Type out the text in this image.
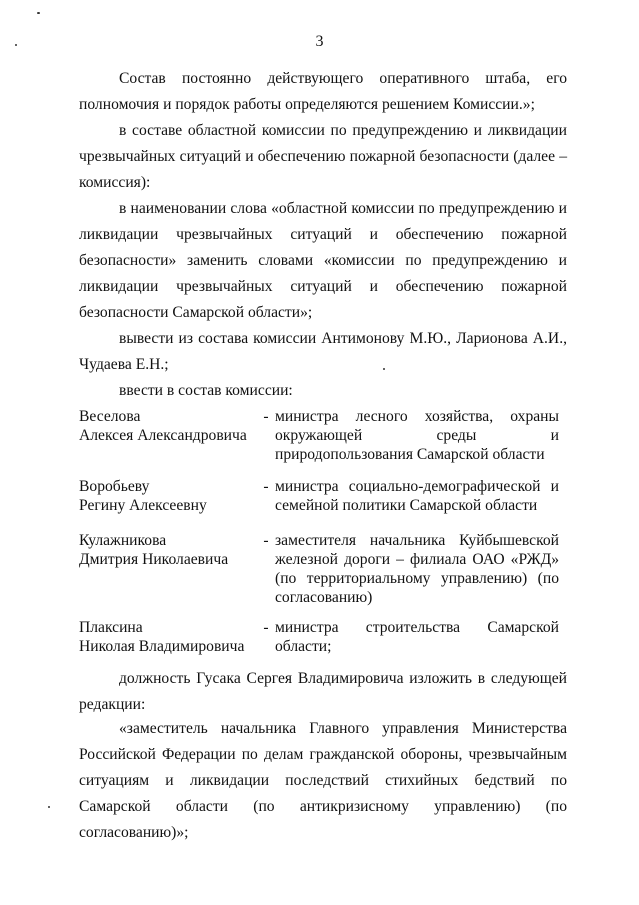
3

Состав постоянно действующего оперативного штаба, его полномочия и порядок работы определяются решением Комиссии.»;

в составе областной комиссии по предупреждению и ликвидации чрезвычайных ситуаций и обеспечению пожарной безопасности (далее – комиссия):

в наименовании слова «областной комиссии по предупреждению и ликвидации чрезвычайных ситуаций и обеспечению пожарной безопасности» заменить словами «комиссии по предупреждению и ликвидации чрезвычайных ситуаций и обеспечению пожарной безопасности Самарской области»;

вывести из состава комиссии Антимонову М.Ю., Ларионова А.И., Чудаева Е.Н.;

ввести в состав комиссии:

Веселова
Алексея Александровича
- министра лесного хозяйства, охраны окружающей среды и природопользования Самарской области
Воробьеву
Регину Алексеевну
- министра социально-демографической и семейной политики Самарской области
Кулажникова
Дмитрия Николаевича
- заместителя начальника Куйбышевской железной дороги – филиала ОАО «РЖД» (по территориальному управлению) (по согласованию)
Плаксина
Николая Владимировича
- министра строительства Самарской области;

должность Гусака Сергея Владимировича изложить в следующей редакции:

«заместитель начальника Главного управления Министерства Российской Федерации по делам гражданской обороны, чрезвычайным ситуациям и ликвидации последствий стихийных бедствий по Самарской области (по антикризисному управлению) (по согласованию)»;
